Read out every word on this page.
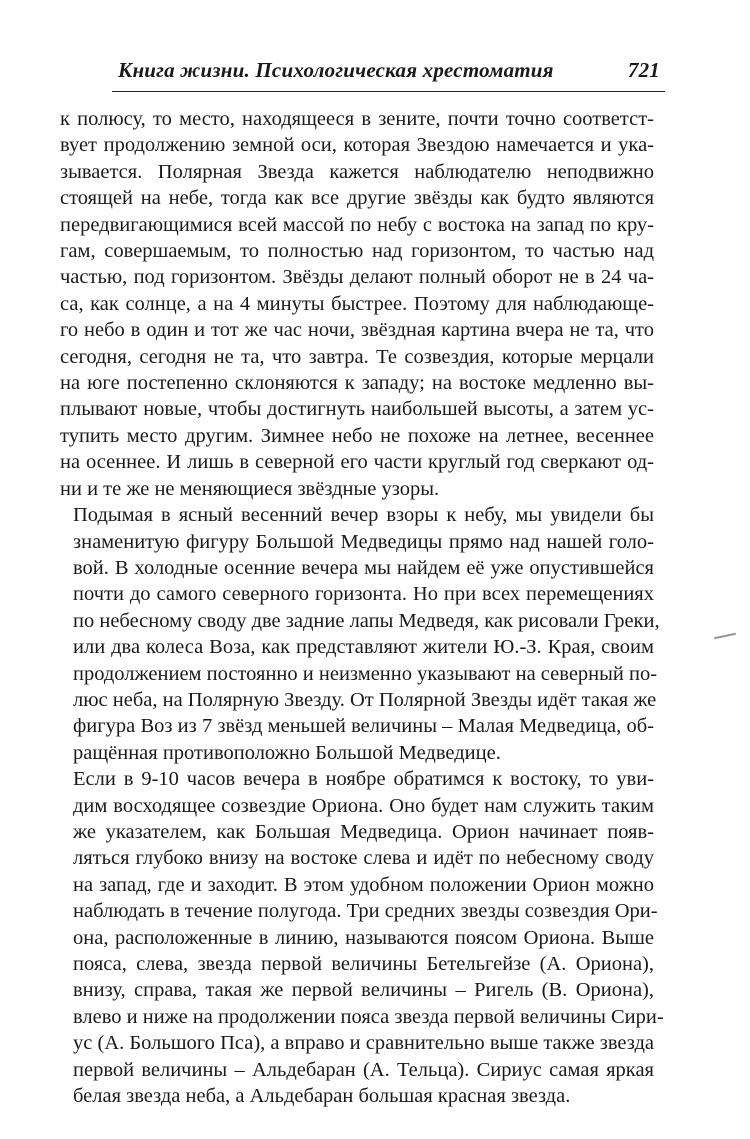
Книга жизни. Психологическая хрестоматия	721
к полюсу, то место, находящееся в зените, почти точно соответст-
вует продолжению земной оси, которая Звездою намечается и ука-
зывается. Полярная Звезда кажется наблюдателю неподвижно
стоящей на небе, тогда как все другие звёзды как будто являются
передвигающимися всей массой по небу с востока на запад по кру-
гам, совершаемым, то полностью над горизонтом, то частью над
частью, под горизонтом. Звёзды делают полный оборот не в 24 ча-
са, как солнце, а на 4 минуты быстрее. Поэтому для наблюдающе-
го небо в один и тот же час ночи, звёздная картина вчера не та, что
сегодня, сегодня не та, что завтра. Те созвездия, которые мерцали
на юге постепенно склоняются к западу; на востоке медленно вы-
плывают новые, чтобы достигнуть наибольшей высоты, а затем ус-
тупить место другим. Зимнее небо не похоже на летнее, весеннее
на осеннее. И лишь в северной его части круглый год сверкают од-
ни и те же не меняющиеся звёздные узоры.
Подымая в ясный весенний вечер взоры к небу, мы увидели бы
знаменитую фигуру Большой Медведицы прямо над нашей голо-
вой. В холодные осенние вечера мы найдем её уже опустившейся
почти до самого северного горизонта. Но при всех перемещениях
по небесному своду две задние лапы Медведя, как рисовали Греки,
или два колеса Воза, как представляют жители Ю.-З. Края, своим
продолжением постоянно и неизменно указывают на северный по-
люс неба, на Полярную Звезду. От Полярной Звезды идёт такая же
фигура Воз из 7 звёзд меньшей величины – Малая Медведица, об-
ращённая противоположно Большой Медведице.
Если в 9-10 часов вечера в ноябре обратимся к востоку, то уви-
дим восходящее созвездие Ориона. Оно будет нам служить таким
же указателем, как Большая Медведица. Орион начинает появ-
ляться глубоко внизу на востоке слева и идёт по небесному своду
на запад, где и заходит. В этом удобном положении Орион можно
наблюдать в течение полугода. Три средних звезды созвездия Ори-
она, расположенные в линию, называются поясом Ориона. Выше
пояса, слева, звезда первой величины Бетельгейзе (А. Ориона),
внизу, справа, такая же первой величины – Ригель (В. Ориона),
влево и ниже на продолжении пояса звезда первой величины Сири-
ус (А. Большого Пса), а вправо и сравнительно выше также звезда
первой величины – Альдебаран (А. Тельца). Сириус самая яркая
белая звезда неба, а Альдебаран большая красная звезда.
